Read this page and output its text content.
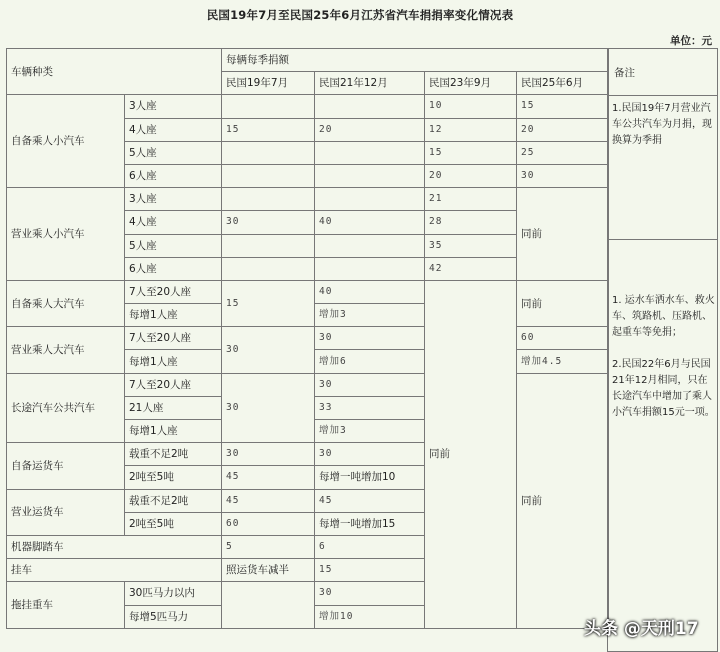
民国19年7月至民国25年6月江苏省汽车捐捐率变化情况表
单位：元
车辆种类		每辆每季捐额			
		民国19年7月	民国21年12月	民国23年9月	民国25年6月
自备乘人小汽车	3人座			10	15
	4人座	15	20	12	20
	5人座			15	25
	6人座			20	30
营业乘人小汽车	3人座			21	同前
	4人座	30	40	28	
	5人座			35	
	6人座			42	
自备乘人大汽车	7人至20人座	15	40	同前	同前
	每增1人座		增加3		
营业乘人大汽车	7人至20人座	30	30		60
	每增1人座		增加6		增加4.5
长途汽车公共汽车	7人至20人座	30	30		同前
	21人座		33		
	每增1人座		增加3		
自备运货车	载重不足2吨	30	30		
	2吨至5吨	45	每增一吨增加10		
营业运货车	载重不足2吨	45	45		
	2吨至5吨	60	每增一吨增加15		
机器脚踏车		5	6		
挂车		照运货车减半	15		
拖挂重车	30匹马力以内		30		
	每增5匹马力		增加10		
备注
1.民国19年7月营业汽车公共汽车为月捐，现换算为季捐
1. 运水车洒水车、救火车、筑路机、压路机、起重车等免捐；
2.民国22年6月与民国21年12月相同，只在长途汽车中增加了乘人小汽车捐额15元一项。
头条 @天刑17
